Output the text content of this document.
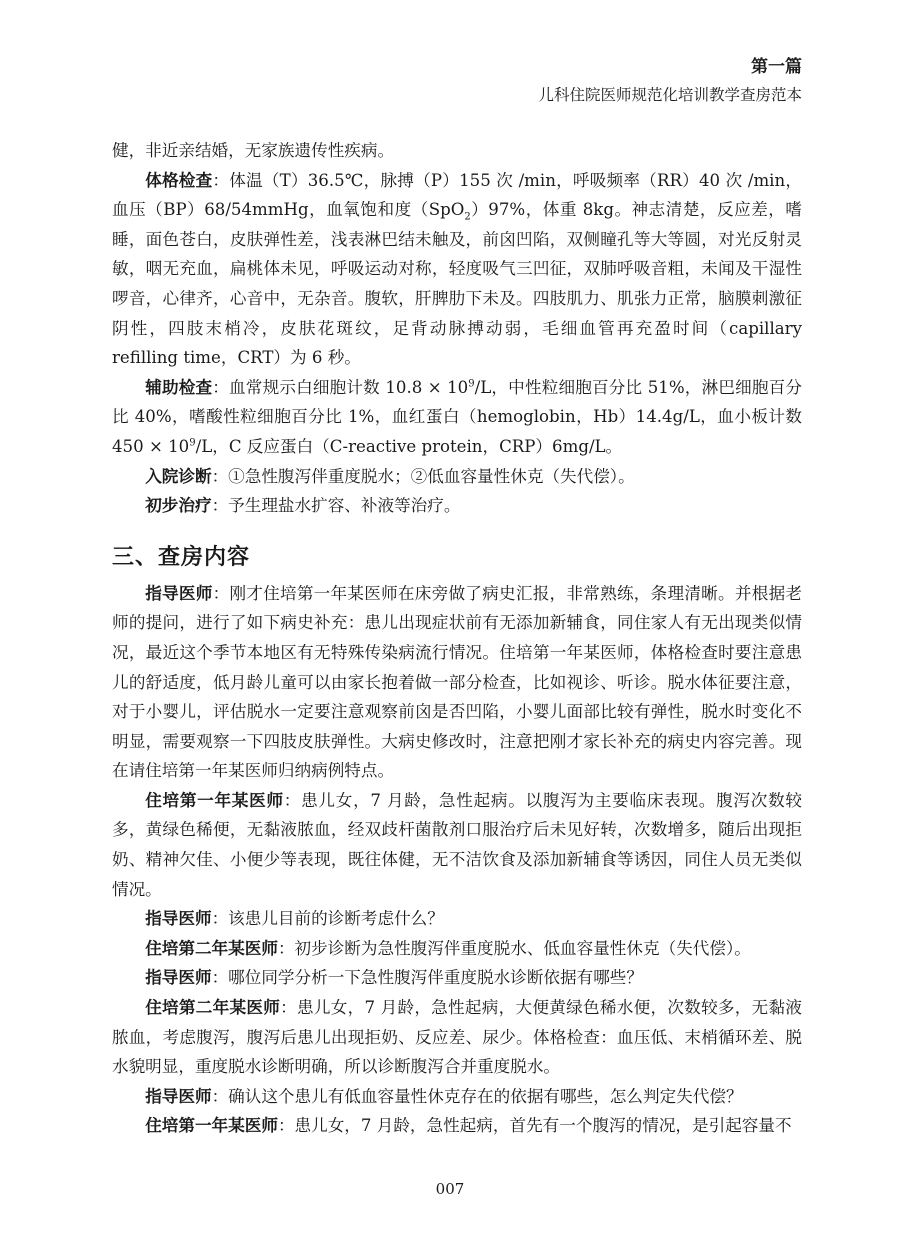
第一篇
儿科住院医师规范化培训教学查房范本

健，非近亲结婚，无家族遗传性疾病。

体格检查：体温（T）36.5℃，脉搏（P）155 次 /min，呼吸频率（RR）40 次 /min，血压（BP）68/54mmHg，血氧饱和度（SpO$_2$）97%，体重 8kg。神志清楚，反应差，嗜睡，面色苍白，皮肤弹性差，浅表淋巴结未触及，前囟凹陷，双侧瞳孔等大等圆，对光反射灵敏，咽无充血，扁桃体未见，呼吸运动对称，轻度吸气三凹征，双肺呼吸音粗，未闻及干湿性啰音，心律齐，心音中，无杂音。腹软，肝脾肋下未及。四肢肌力、肌张力正常，脑膜刺激征阴性，四肢末梢冷，皮肤花斑纹，足背动脉搏动弱，毛细血管再充盈时间（capillary refilling time，CRT）为 6 秒。

辅助检查：血常规示白细胞计数 $10.8 \times 10^9/L$，中性粒细胞百分比 51%，淋巴细胞百分比 40%，嗜酸性粒细胞百分比 1%，血红蛋白（hemoglobin，Hb）14.4g/L，血小板计数 $450 \times 10^9/L$，C 反应蛋白（C-reactive protein，CRP）6mg/L。

入院诊断：①急性腹泻伴重度脱水；②低血容量性休克（失代偿）。

初步治疗：予生理盐水扩容、补液等治疗。

三、查房内容

指导医师：刚才住培第一年某医师在床旁做了病史汇报，非常熟练，条理清晰。并根据老师的提问，进行了如下病史补充：患儿出现症状前有无添加新辅食，同住家人有无出现类似情况，最近这个季节本地区有无特殊传染病流行情况。住培第一年某医师，体格检查时要注意患儿的舒适度，低月龄儿童可以由家长抱着做一部分检查，比如视诊、听诊。脱水体征要注意，对于小婴儿，评估脱水一定要注意观察前囟是否凹陷，小婴儿面部比较有弹性，脱水时变化不明显，需要观察一下四肢皮肤弹性。大病史修改时，注意把刚才家长补充的病史内容完善。现在请住培第一年某医师归纳病例特点。

住培第一年某医师：患儿女，7 月龄，急性起病。以腹泻为主要临床表现。腹泻次数较多，黄绿色稀便，无黏液脓血，经双歧杆菌散剂口服治疗后未见好转，次数增多，随后出现拒奶、精神欠佳、小便少等表现，既往体健，无不洁饮食及添加新辅食等诱因，同住人员无类似情况。

指导医师：该患儿目前的诊断考虑什么？

住培第二年某医师：初步诊断为急性腹泻伴重度脱水、低血容量性休克（失代偿）。

指导医师：哪位同学分析一下急性腹泻伴重度脱水诊断依据有哪些？

住培第二年某医师：患儿女，7 月龄，急性起病，大便黄绿色稀水便，次数较多，无黏液脓血，考虑腹泻，腹泻后患儿出现拒奶、反应差、尿少。体格检查：血压低、末梢循环差、脱水貌明显，重度脱水诊断明确，所以诊断腹泻合并重度脱水。

指导医师：确认这个患儿有低血容量性休克存在的依据有哪些，怎么判定失代偿？

住培第一年某医师：患儿女，7 月龄，急性起病，首先有一个腹泻的情况，是引起容量不

007
